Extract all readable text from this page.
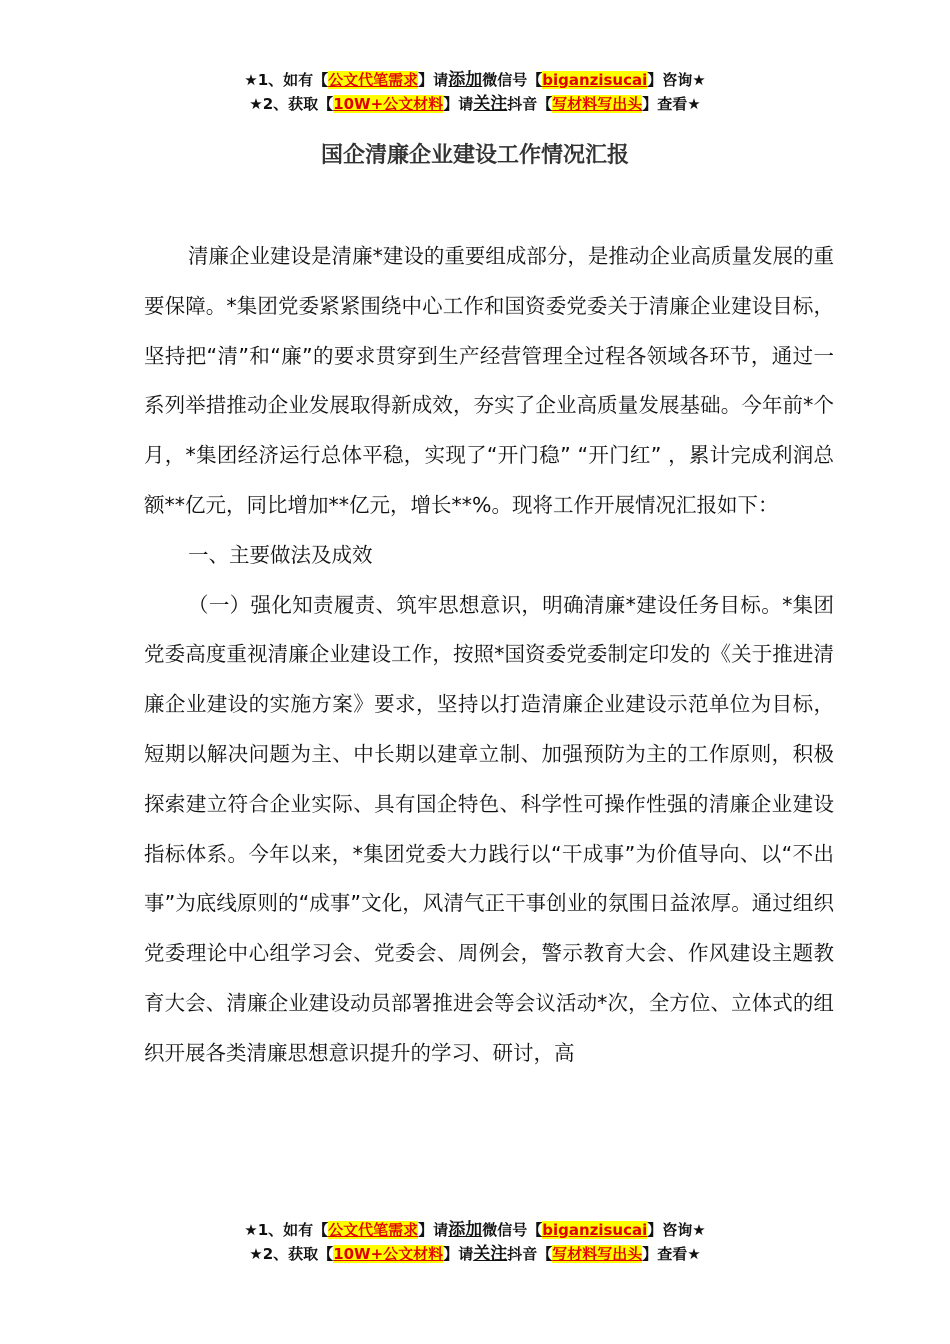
★1、如有【公文代笔需求】请添加微信号【biganzisucai】咨询★
★2、获取【10W+公文材料】请关注抖音【写材料写出头】查看★
国企清廉企业建设工作情况汇报

清廉企业建设是清廉*建设的重要组成部分，是推动企业高质量发展的重要保障。*集团党委紧紧围绕中心工作和国资委党委关于清廉企业建设目标，坚持把“清”和“廉”的要求贯穿到生产经营管理全过程各领域各环节，通过一系列举措推动企业发展取得新成效，夯实了企业高质量发展基础。今年前*个月，*集团经济运行总体平稳，实现了“开门稳” “开门红” ，累计完成利润总额**亿元，同比增加**亿元，增长**%。现将工作开展情况汇报如下：

一、主要做法及成效

（一）强化知责履责、筑牢思想意识，明确清廉*建设任务目标。*集团党委高度重视清廉企业建设工作，按照*国资委党委制定印发的《关于推进清廉企业建设的实施方案》要求，坚持以打造清廉企业建设示范单位为目标，短期以解决问题为主、中长期以建章立制、加强预防为主的工作原则，积极探索建立符合企业实际、具有国企特色、科学性可操作性强的清廉企业建设指标体系。今年以来，*集团党委大力践行以“干成事”为价值导向、以“不出事”为底线原则的“成事”文化，风清气正干事创业的氛围日益浓厚。通过组织党委理论中心组学习会、党委会、周例会，警示教育大会、作风建设主题教育大会、清廉企业建设动员部署推进会等会议活动*次，全方位、立体式的组织开展各类清廉思想意识提升的学习、研讨，高

★1、如有【公文代笔需求】请添加微信号【biganzisucai】咨询★
★2、获取【10W+公文材料】请关注抖音【写材料写出头】查看★
